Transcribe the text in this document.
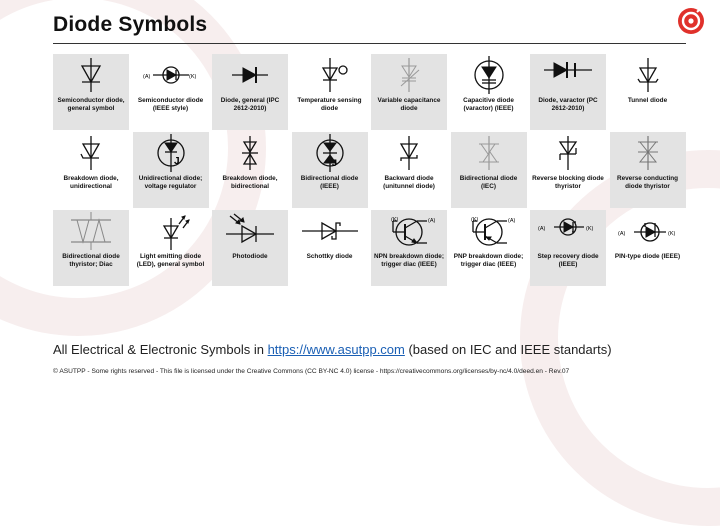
Diode Symbols
Semiconductor diode, general symbol
(A)	(K)
Semiconductor diode (IEEE style)
Diode, general (IPC 2612-2010)
Temperature sensing diode
Variable capacitance diode
Capacitive diode (varactor) (IEEE)
Diode, varactor (PC 2612-2010)
Tunnel diode
Breakdown diode, unidirectional
J
Unidirectional diode; voltage regulator
Breakdown diode, bidirectional
J
Bidirectional diode (IEEE)
Backward diode (unitunnel diode)
Bidirectional diode (IEC)
Reverse blocking diode thyristor
Reverse conducting diode thyristor
Bidirectional diode thyristor; Diac
Light emitting diode (LED), general symbol
Photodiode	Schottky diode
(K)	(A)
NPN breakdown diode; trigger diac (IEEE)
(K)	(A)
PNP breakdown diode; trigger diac (IEEE)
(A)	(K)
Step recovery diode (IEEE)
(A)	(K)
PIN-type diode (IEEE)
All Electrical & Electronic Symbols in https://www.asutpp.com (based on IEC and IEEE standarts)
© ASUTPP - Some rights reserved - This file is licensed under the Creative Commons (CC BY-NC 4.0) license - https://creativecommons.org/licenses/by-nc/4.0/deed.en - Rev.07
